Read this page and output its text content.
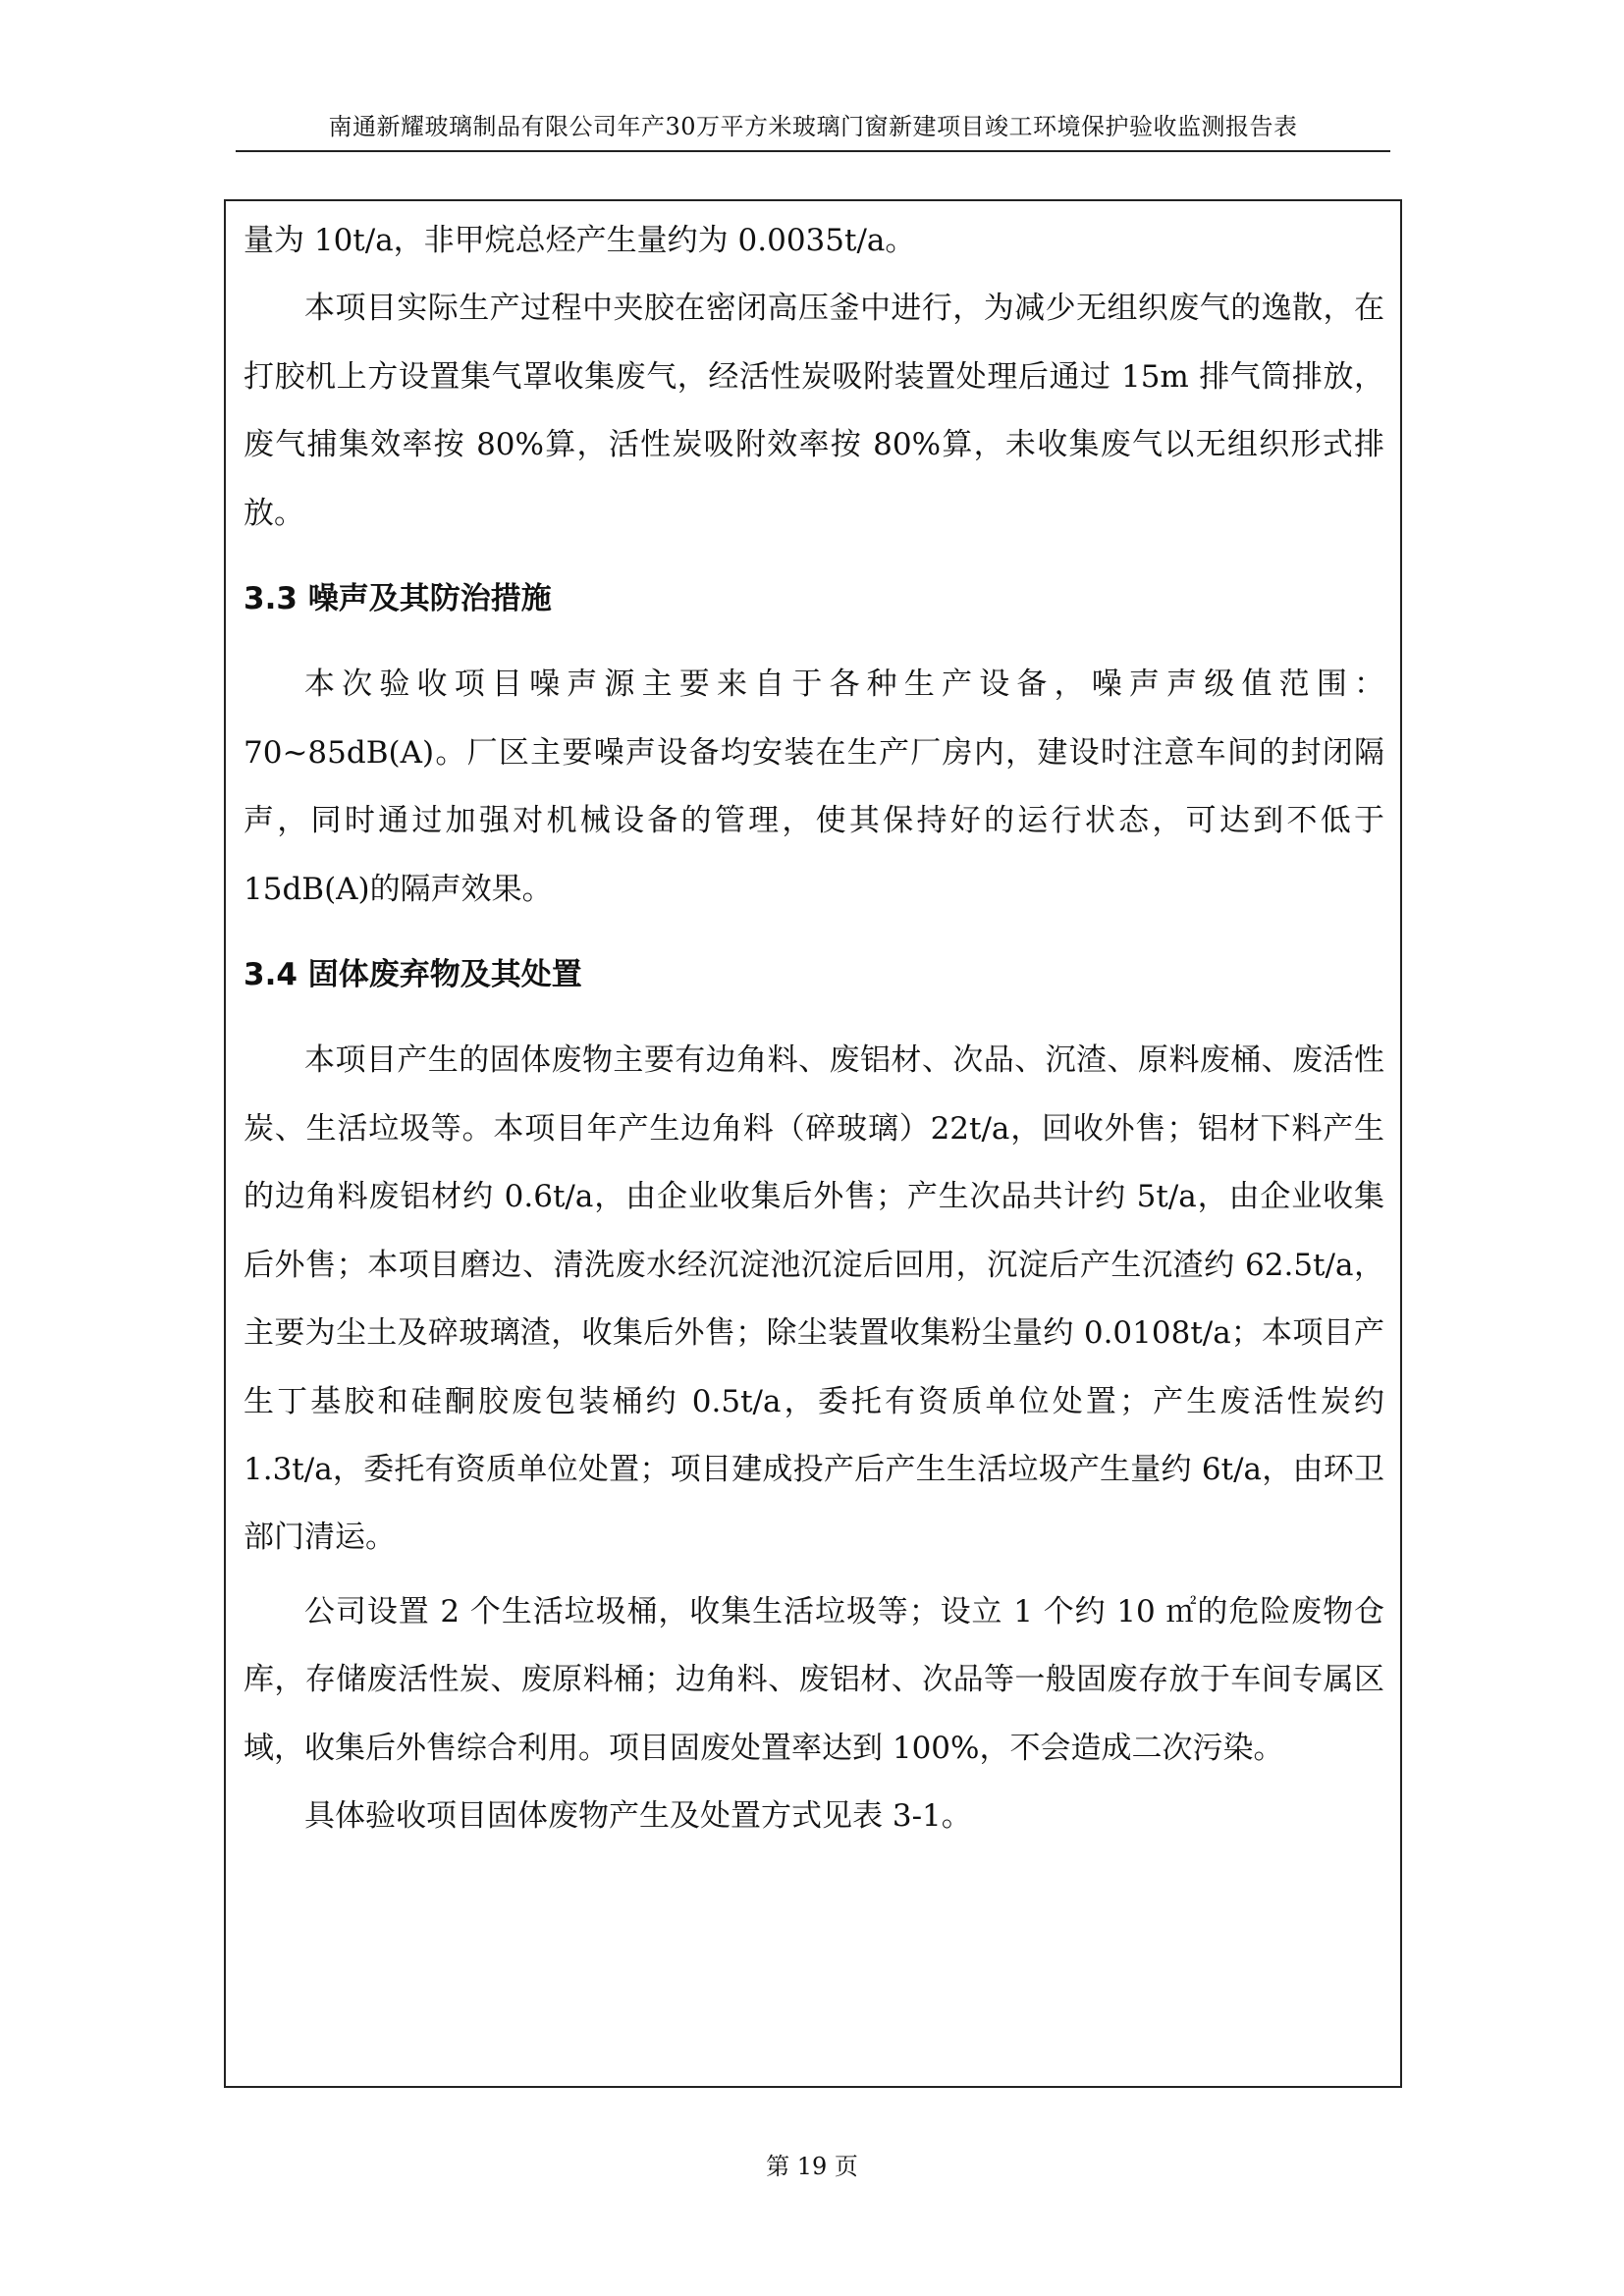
南通新耀玻璃制品有限公司年产30万平方米玻璃门窗新建项目竣工环境保护验收监测报告表

量为 10t/a，非甲烷总烃产生量约为 0.0035t/a。

本项目实际生产过程中夹胶在密闭高压釜中进行，为减少无组织废气的逸散，在打胶机上方设置集气罩收集废气，经活性炭吸附装置处理后通过 15m 排气筒排放，废气捕集效率按 80%算，活性炭吸附效率按 80%算，未收集废气以无组织形式排放。

3.3 噪声及其防治措施

本次验收项目噪声源主要来自于各种生产设备，噪声声级值范围：70~85dB(A)。厂区主要噪声设备均安装在生产厂房内，建设时注意车间的封闭隔声，同时通过加强对机械设备的管理，使其保持好的运行状态，可达到不低于 15dB(A)的隔声效果。

3.4 固体废弃物及其处置

本项目产生的固体废物主要有边角料、废铝材、次品、沉渣、原料废桶、废活性炭、生活垃圾等。本项目年产生边角料（碎玻璃）22t/a，回收外售；铝材下料产生的边角料废铝材约 0.6t/a，由企业收集后外售；产生次品共计约 5t/a，由企业收集后外售；本项目磨边、清洗废水经沉淀池沉淀后回用，沉淀后产生沉渣约 62.5t/a，主要为尘土及碎玻璃渣，收集后外售；除尘装置收集粉尘量约 0.0108t/a；本项目产生丁基胶和硅酮胶废包装桶约 0.5t/a，委托有资质单位处置；产生废活性炭约 1.3t/a，委托有资质单位处置；项目建成投产后产生生活垃圾产生量约 6t/a，由环卫部门清运。

公司设置 2 个生活垃圾桶，收集生活垃圾等；设立 1 个约 10 ㎡的危险废物仓库，存储废活性炭、废原料桶；边角料、废铝材、次品等一般固废存放于车间专属区域，收集后外售综合利用。项目固废处置率达到 100%，不会造成二次污染。

具体验收项目固体废物产生及处置方式见表 3-1。

第 19 页
